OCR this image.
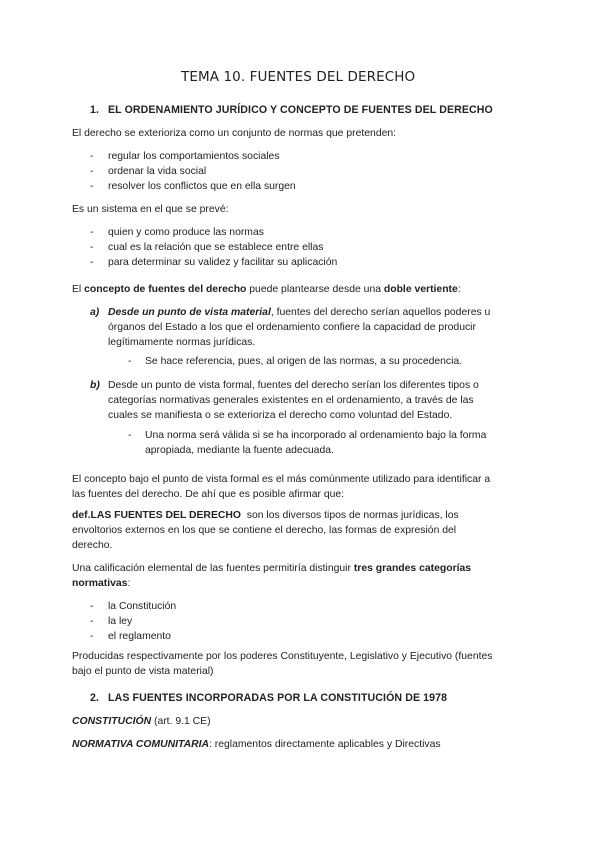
TEMA 10. FUENTES DEL DERECHO
1. EL ORDENAMIENTO JURÍDICO Y CONCEPTO DE FUENTES DEL DERECHO
El derecho se exterioriza como un conjunto de normas que pretenden:
- regular los comportamientos sociales
- ordenar la vida social
- resolver los conflictos que en ella surgen
Es un sistema en el que se prevé:
- quien y como produce las normas
- cual es la relación que se establece entre ellas
- para determinar su validez y facilitar su aplicación
El concepto de fuentes del derecho puede plantearse desde una doble vertiente:
a) Desde un punto de vista material, fuentes del derecho serían aquellos poderes u
órganos del Estado a los que el ordenamiento confiere la capacidad de producir
legítimamente normas jurídicas.
- Se hace referencia, pues, al origen de las normas, a su procedencia.
b) Desde un punto de vista formal, fuentes del derecho serían los diferentes tipos o
categorías normativas generales existentes en el ordenamiento, a través de las
cuales se manifiesta o se exterioriza el derecho como voluntad del Estado.
- Una norma será válida si se ha incorporado al ordenamiento bajo la forma
apropiada, mediante la fuente adecuada.
El concepto bajo el punto de vista formal es el más comúnmente utilizado para identificar a
las fuentes del derecho. De ahí que es posible afirmar que:
def.LAS FUENTES DEL DERECHO  son los diversos tipos de normas jurídicas, los
envoltorios externos en los que se contiene el derecho, las formas de expresión del
derecho.
Una calificación elemental de las fuentes permitiría distinguir tres grandes categorías
normativas:
- la Constitución
- la ley
- el reglamento
Producidas respectivamente por los poderes Constituyente, Legislativo y Ejecutivo (fuentes
bajo el punto de vista material)
2. LAS FUENTES INCORPORADAS POR LA CONSTITUCIÓN DE 1978
CONSTITUCIÓN (art. 9.1 CE)
NORMATIVA COMUNITARIA: reglamentos directamente aplicables y Directivas
